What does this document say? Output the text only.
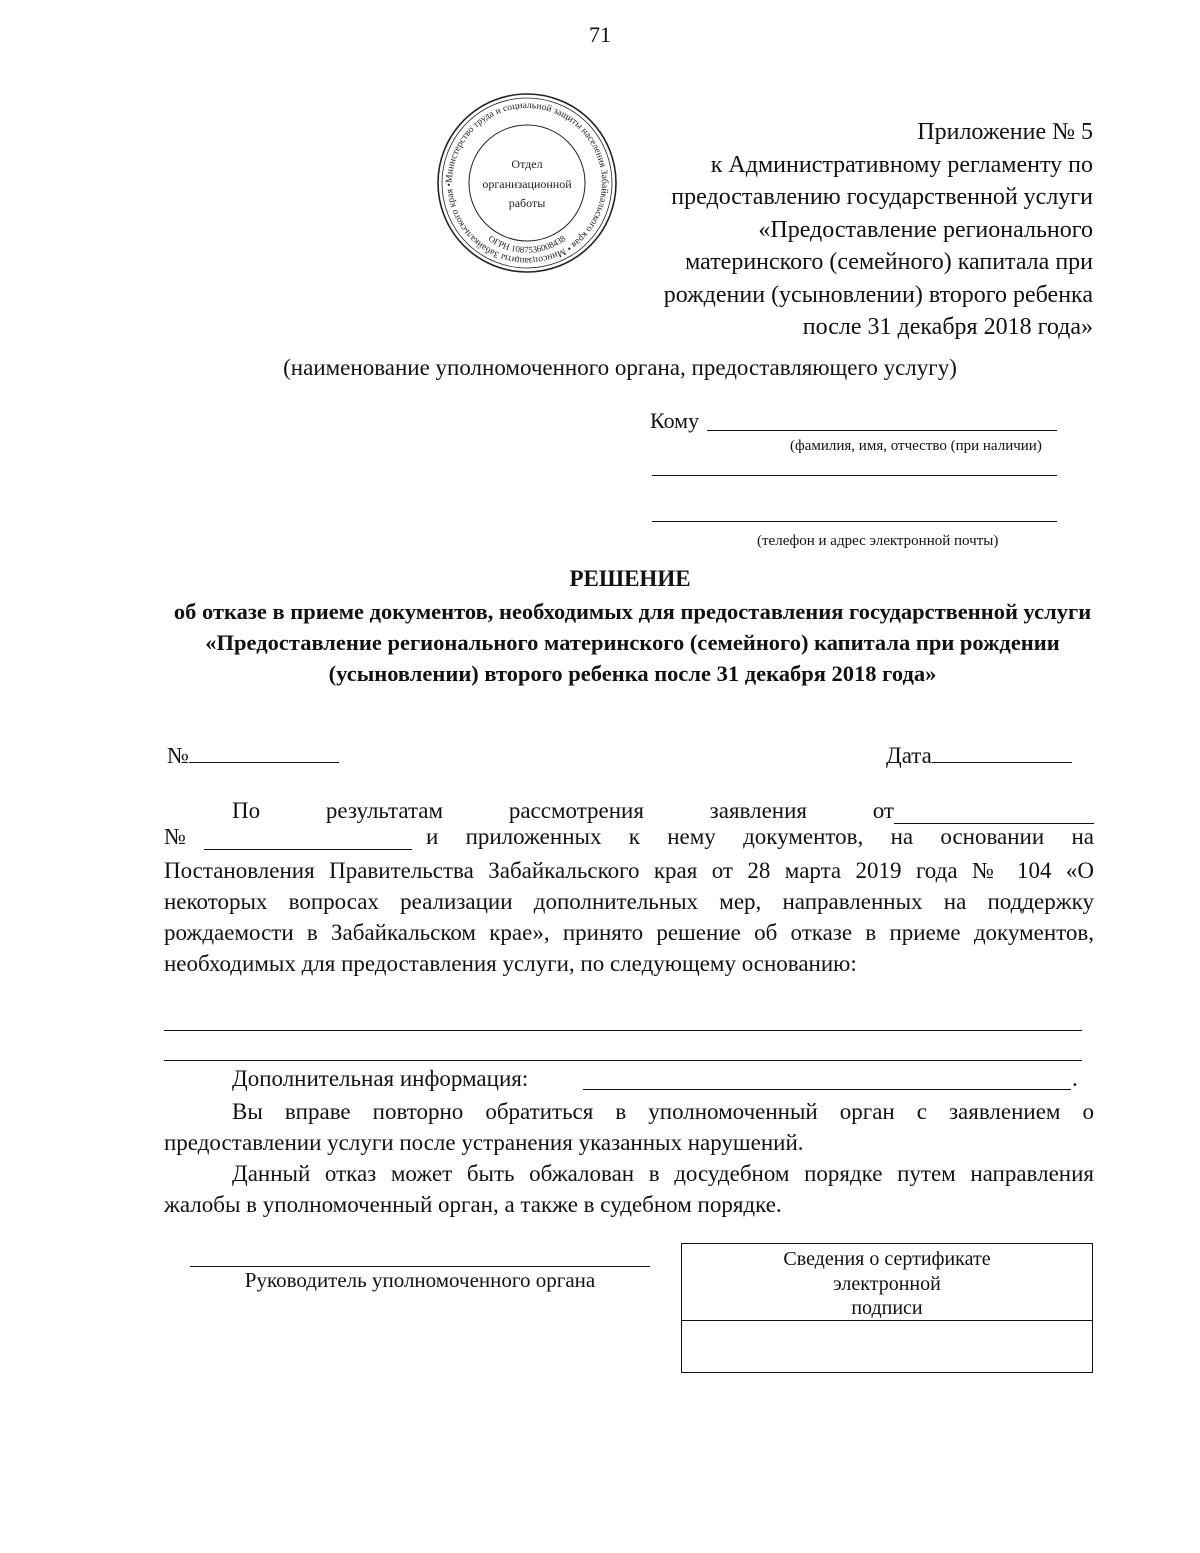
71
Министерство труда и социальной защиты населения Забайкальского края • Минсоцзащиты Забайкальского края •
ОГРН 1087536008438
Отдел
организационной
работы
Приложение № 5
к Административному регламенту по
предоставлению государственной услуги
«Предоставление регионального
материнского (семейного) капитала при
рождении (усыновлении) второго ребенка
после 31 декабря 2018 года»
(наименование уполномоченного органа, предоставляющего услугу)
Кому
(фамилия, имя, отчество (при наличии)
(телефон и адрес электронной почты)
РЕШЕНИЕ
об отказе в приеме документов, необходимых для предоставления государственной услуги «Предоставление регионального материнского (семейного) капитала при рождении (усыновлении) второго ребенка после 31 декабря 2018 года»
№	Дата
По	результатам	рассмотрения	заявления	от
№	и приложенных к нему документов, на основании на
Постановления Правительства Забайкальского края от 28 марта 2019 года № 104 «О некоторых вопросах реализации дополнительных мер, направленных на поддержку рождаемости в Забайкальском крае», принято решение об отказе в приеме документов, необходимых для предоставления услуги, по следующему основанию:
Дополнительная информация:	.
Вы вправе повторно обратиться в уполномоченный орган с заявлением о предоставлении услуги после устранения указанных нарушений.
Данный отказ может быть обжалован в досудебном порядке путем направления жалобы в уполномоченный орган, а также в судебном порядке.
Руководитель уполномоченного органа
Сведения о сертификате
электронной
подписи
